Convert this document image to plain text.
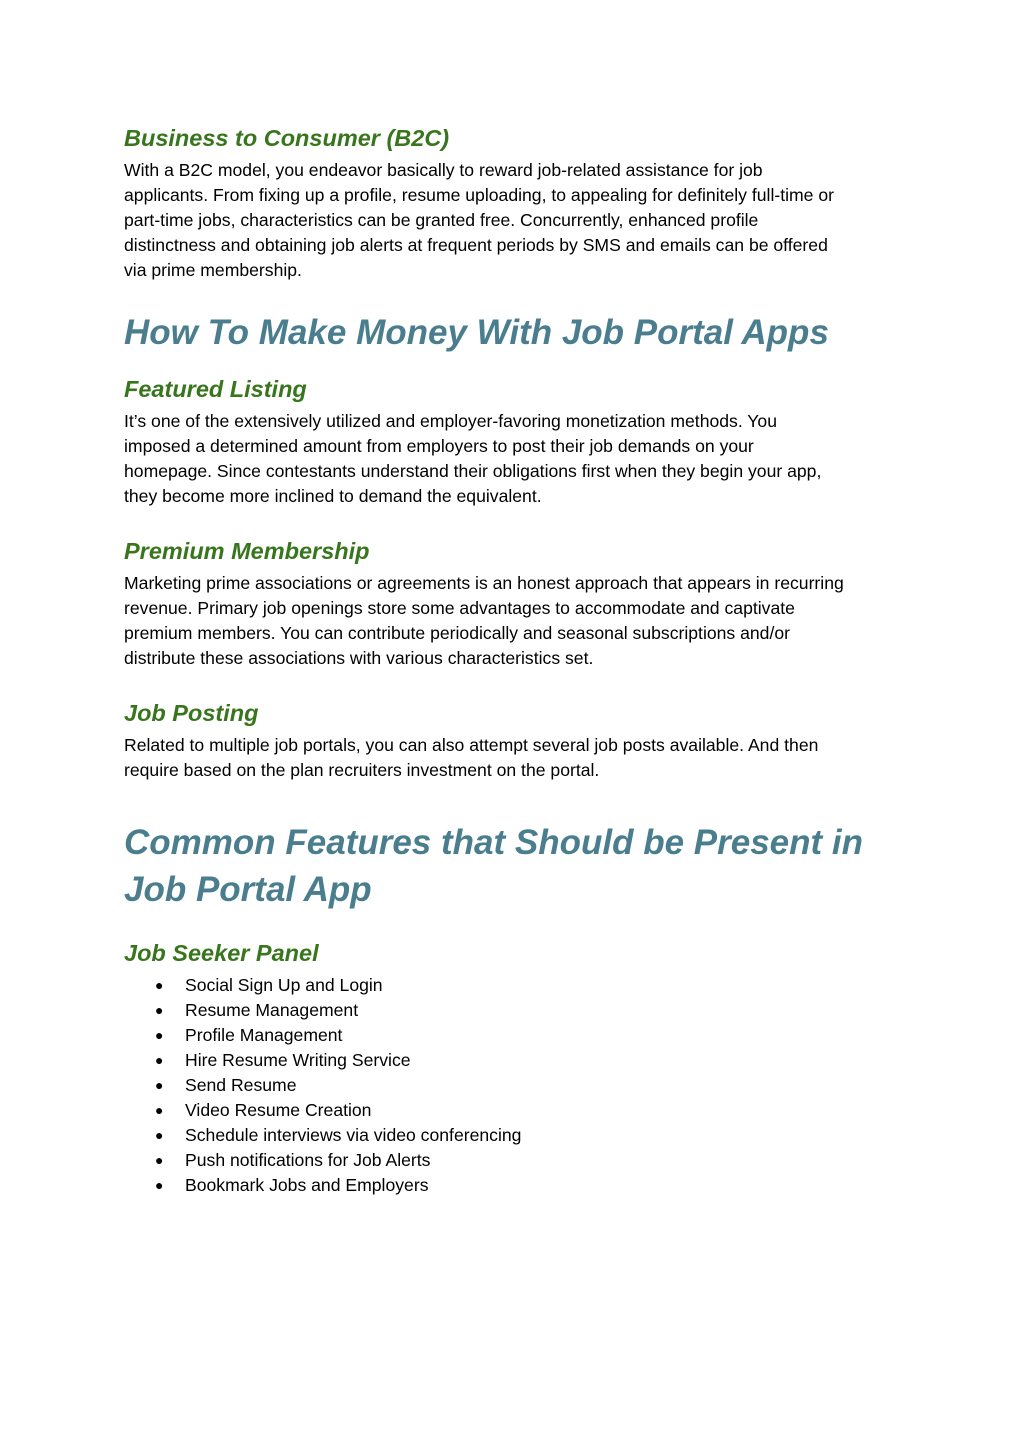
Business to Consumer (B2C)

With a B2C model, you endeavor basically to reward job-related assistance for job
applicants. From fixing up a profile, resume uploading, to appealing for definitely full-time or
part-time jobs, characteristics can be granted free. Concurrently, enhanced profile
distinctness and obtaining job alerts at frequent periods by SMS and emails can be offered
via prime membership.

How To Make Money With Job Portal Apps
Featured Listing

It’s one of the extensively utilized and employer-favoring monetization methods. You
imposed a determined amount from employers to post their job demands on your
homepage. Since contestants understand their obligations first when they begin your app,
they become more inclined to demand the equivalent.

Premium Membership

Marketing prime associations or agreements is an honest approach that appears in recurring
revenue. Primary job openings store some advantages to accommodate and captivate
premium members. You can contribute periodically and seasonal subscriptions and/or
distribute these associations with various characteristics set.

Job Posting

Related to multiple job portals, you can also attempt several job posts available. And then
require based on the plan recruiters investment on the portal.

Common Features that Should be Present in
Job Portal App
Job Seeker Panel
● Social Sign Up and Login
● Resume Management
● Profile Management
● Hire Resume Writing Service
● Send Resume
● Video Resume Creation
● Schedule interviews via video conferencing
● Push notifications for Job Alerts
● Bookmark Jobs and Employers
